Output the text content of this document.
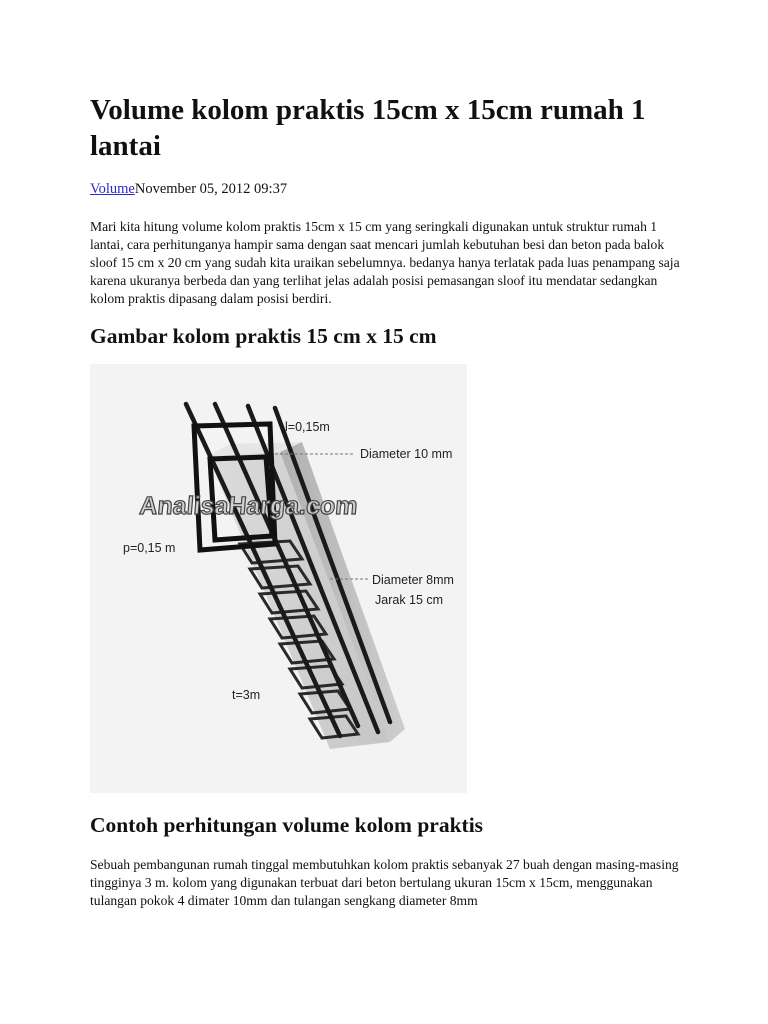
Volume kolom praktis 15cm x 15cm rumah 1 lantai
VolumeNovember 05, 2012 09:37

Mari kita hitung volume kolom praktis 15cm x 15 cm yang seringkali digunakan untuk struktur rumah 1 lantai, cara perhitunganya hampir sama dengan saat mencari jumlah kebutuhan besi dan beton pada balok sloof 15 cm x 20 cm yang sudah kita uraikan sebelumnya. bedanya hanya terlatak pada luas penampang saja karena ukuranya berbeda dan yang terlihat jelas adalah posisi pemasangan sloof itu mendatar sedangkan kolom praktis dipasang dalam posisi berdiri.

Gambar kolom praktis 15 cm x 15 cm
AnalisaHarga.com
l=0,15m
Diameter 10 mm
p=0,15 m
Diameter 8mm
Jarak 15 cm
t=3m
Contoh perhitungan volume kolom praktis

Sebuah pembangunan rumah tinggal membutuhkan kolom praktis sebanyak 27 buah dengan masing-masing tingginya 3 m. kolom yang digunakan terbuat dari beton bertulang ukuran 15cm x 15cm, menggunakan tulangan pokok 4 dimater 10mm dan tulangan sengkang diameter 8mm
